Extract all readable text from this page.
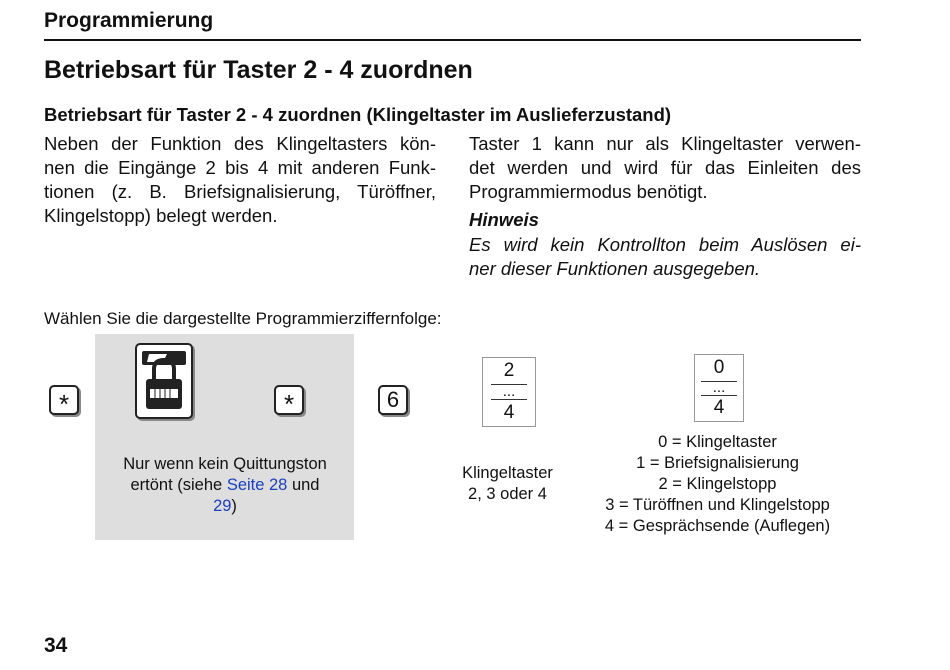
Programmierung
Betriebsart für Taster 2 - 4 zuordnen
Betriebsart für Taster 2 - 4 zuordnen (Klingeltaster im Auslieferzustand)
Neben der Funktion des Klingeltasters kön-
nen die Eingänge 2 bis 4 mit anderen Funk-
tionen (z. B. Briefsignalisierung, Türöffner,
Klingelstopp) belegt werden.
Taster 1 kann nur als Klingeltaster verwen-
det werden und wird für das Einleiten des
Programmiermodus benötigt.
Hinweis
Es wird kein Kontrollton beim Auslösen ei-
ner dieser Funktionen ausgegeben.
Wählen Sie die dargestellte Programmierziffernfolge:
*	*	6
2
...
4
0
...
4
Nur wenn kein Quittungston
ertönt (siehe Seite 28 und
29)
Klingeltaster
2, 3 oder 4
0 = Klingeltaster
1 = Briefsignalisierung
2 = Klingelstopp
3 = Türöffnen und Klingelstopp
4 = Gesprächsende (Auflegen)
34
